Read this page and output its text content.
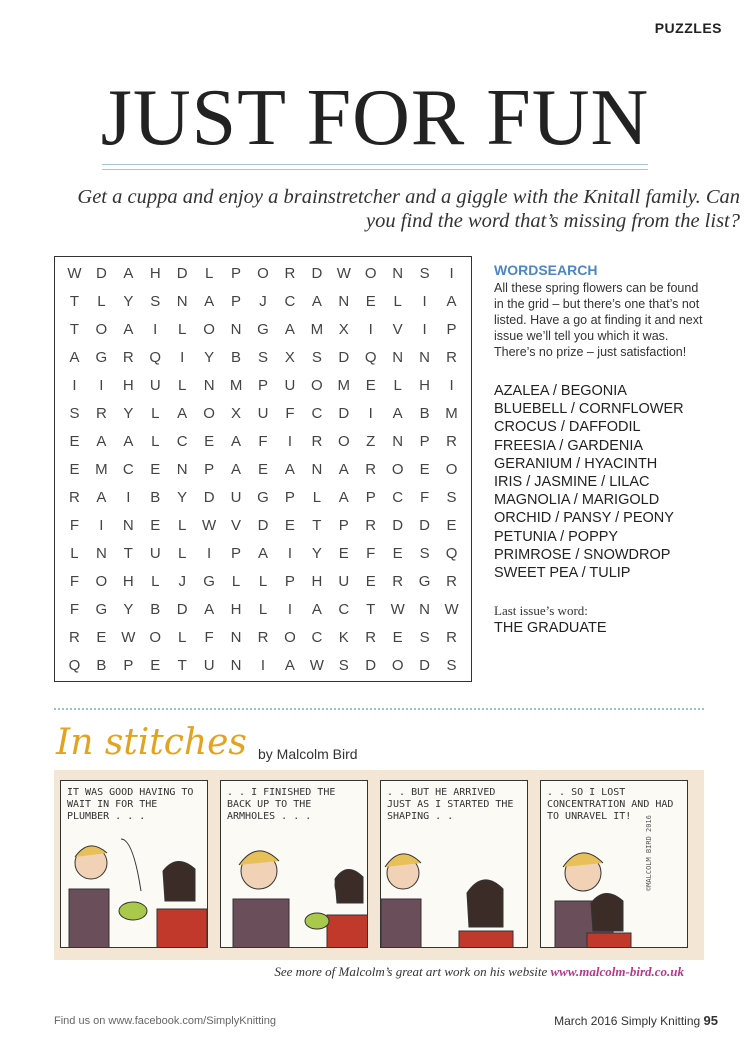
PUZZLES
JUST FOR FUN
Get a cuppa and enjoy a brainstretcher and a giggle with the Knitall family. Can you find the word that’s missing from the list?
W D	A	H	D	L	P	O	R	D W O	N	S	I
T	L	Y	S	N	A	P	J	C	A	N	E	L	I	A
T	O	A	I	L	O	N	G	A	M	X	I	V	I	P
A	G	R	Q	I	Y	B	S	X	S	D	Q	N	N	R
I	I	H	U	L	N	M	P	U	O M	E	L	H	I
S	R	Y	L	A	O	X	U	F	C	D	I	A	B	M
E	A	A	L	C	E	A	F	I	R	O	Z	N	P	R
E	M	C	E	N	P	A	E	A	N	A	R	O	E	O
R	A	I	B	Y	D	U	G	P	L	A	P	C	F	S
F	I	N	E	L	W V	D	E	T	P	R	D	D	E
L	N	T	U	L	I	P	A	I	Y	E	F	E	S	Q
F	O	H	L	J	G	L	L	P	H	U	E	R	G	R
F	G	Y	B	D	A	H	L	I	A	C	T	W N W
R	E W O	L	F	N	R	O	C	K	R	E	S	R
Q	B	P	E	T	U	N	I	A W S	D	O	D	S
WORDSEARCH
All these spring flowers can be found in the grid – but there’s one that’s not listed. Have a go at finding it and next issue we’ll tell you which it was. There’s no prize – just satisfaction!
AZALEA / BEGONIA
BLUEBELL / CORNFLOWER
CROCUS / DAFFODIL
FREESIA / GARDENIA
GERANIUM / HYACINTH
IRIS / JASMINE / LILAC
MAGNOLIA / MARIGOLD
ORCHID / PANSY / PEONY
PETUNIA / POPPY
PRIMROSE / SNOWDROP
SWEET PEA / TULIP
Last issue’s word:
THE GRADUATE
In stitches by Malcolm Bird
IT WAS GOOD HAVING TO WAIT IN FOR THE PLUMBER . . .
. . I FINISHED THE BACK UP TO THE ARMHOLES . . .
. . BUT HE ARRIVED JUST AS I STARTED THE SHAPING . .
. . SO I LOST CONCENTRATION AND HAD TO UNRAVEL IT!	©MALCOLM BIRD 2016
See more of Malcolm’s great art work on his website www.malcolm-bird.co.uk
Find us on www.facebook.com/SimplyKnitting	March 2016 Simply Knitting 95
